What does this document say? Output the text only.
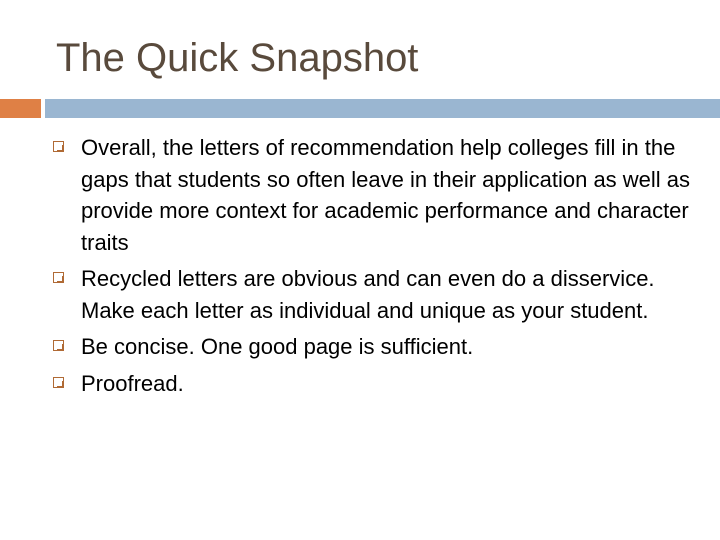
The Quick Snapshot
Overall, the letters of recommendation help colleges fill in the gaps that students so often leave in their application as well as provide more context for academic performance and character traits
Recycled letters are obvious and can even do a disservice. Make each letter as individual and unique as your student.
Be concise. One good page is sufficient.
Proofread.
